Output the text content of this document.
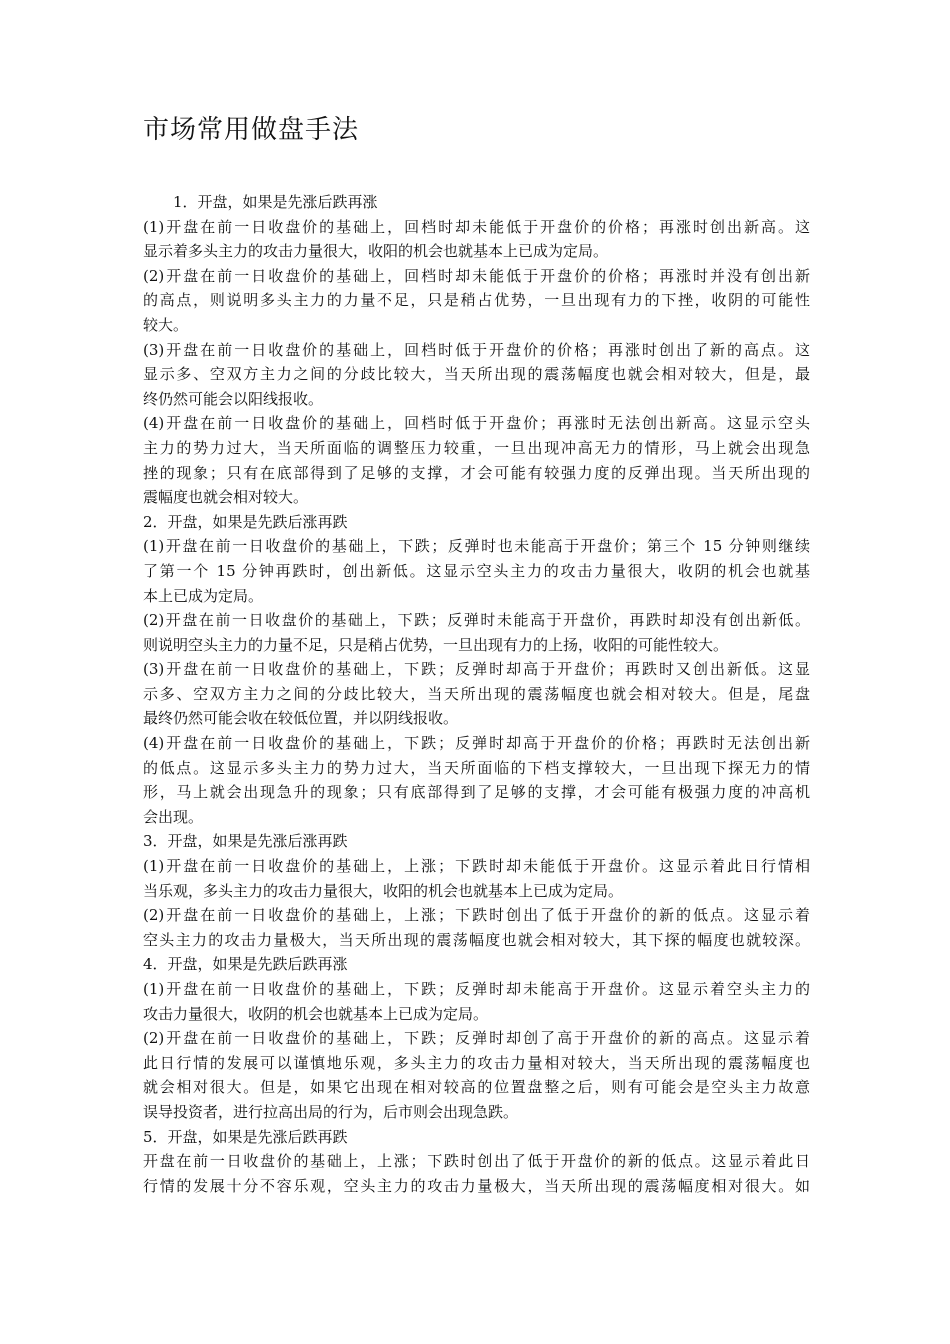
市场常用做盘手法
1．开盘，如果是先涨后跌再涨
(1)开盘在前一日收盘价的基础上，回档时却未能低于开盘价的价格；再涨时创出新高。这
显示着多头主力的攻击力量很大，收阳的机会也就基本上已成为定局。
(2)开盘在前一日收盘价的基础上，回档时却未能低于开盘价的价格；再涨时并没有创出新
的高点，则说明多头主力的力量不足，只是稍占优势，一旦出现有力的下挫，收阴的可能性
较大。
(3)开盘在前一日收盘价的基础上，回档时低于开盘价的价格；再涨时创出了新的高点。这
显示多、空双方主力之间的分歧比较大，当天所出现的震荡幅度也就会相对较大，但是，最
终仍然可能会以阳线报收。
(4)开盘在前一日收盘价的基础上，回档时低于开盘价；再涨时无法创出新高。这显示空头
主力的势力过大，当天所面临的调整压力较重，一旦出现冲高无力的情形，马上就会出现急
挫的现象；只有在底部得到了足够的支撑，才会可能有较强力度的反弹出现。当天所出现的
震幅度也就会相对较大。
2．开盘，如果是先跌后涨再跌
(1)开盘在前一日收盘价的基础上，下跌；反弹时也未能高于开盘价；第三个 15 分钟则继续
了第一个 15 分钟再跌时，创出新低。这显示空头主力的攻击力量很大，收阴的机会也就基
本上已成为定局。
(2)开盘在前一日收盘价的基础上，下跌；反弹时未能高于开盘价，再跌时却没有创出新低。
则说明空头主力的力量不足，只是稍占优势，一旦出现有力的上扬，收阳的可能性较大。
(3)开盘在前一日收盘价的基础上，下跌；反弹时却高于开盘价；再跌时又创出新低。这显
示多、空双方主力之间的分歧比较大，当天所出现的震荡幅度也就会相对较大。但是，尾盘
最终仍然可能会收在较低位置，并以阴线报收。
(4)开盘在前一日收盘价的基础上，下跌；反弹时却高于开盘价的价格；再跌时无法创出新
的低点。这显示多头主力的势力过大，当天所面临的下档支撑较大，一旦出现下探无力的情
形，马上就会出现急升的现象；只有底部得到了足够的支撑，才会可能有极强力度的冲高机
会出现。
3．开盘，如果是先涨后涨再跌
(1)开盘在前一日收盘价的基础上，上涨；下跌时却未能低于开盘价。这显示着此日行情相
当乐观，多头主力的攻击力量很大，收阳的机会也就基本上已成为定局。
(2)开盘在前一日收盘价的基础上，上涨；下跌时创出了低于开盘价的新的低点。这显示着
空头主力的攻击力量极大，当天所出现的震荡幅度也就会相对较大，其下探的幅度也就较深。
4．开盘，如果是先跌后跌再涨
(1)开盘在前一日收盘价的基础上，下跌；反弹时却未能高于开盘价。这显示着空头主力的
攻击力量很大，收阴的机会也就基本上已成为定局。
(2)开盘在前一日收盘价的基础上，下跌；反弹时却创了高于开盘价的新的高点。这显示着
此日行情的发展可以谨慎地乐观，多头主力的攻击力量相对较大，当天所出现的震荡幅度也
就会相对很大。但是，如果它出现在相对较高的位置盘整之后，则有可能会是空头主力故意
误导投资者，进行拉高出局的行为，后市则会出现急跌。
5．开盘，如果是先涨后跌再跌
开盘在前一日收盘价的基础上，上涨；下跌时创出了低于开盘价的新的低点。这显示着此日
行情的发展十分不容乐观，空头主力的攻击力量极大，当天所出现的震荡幅度相对很大。如
